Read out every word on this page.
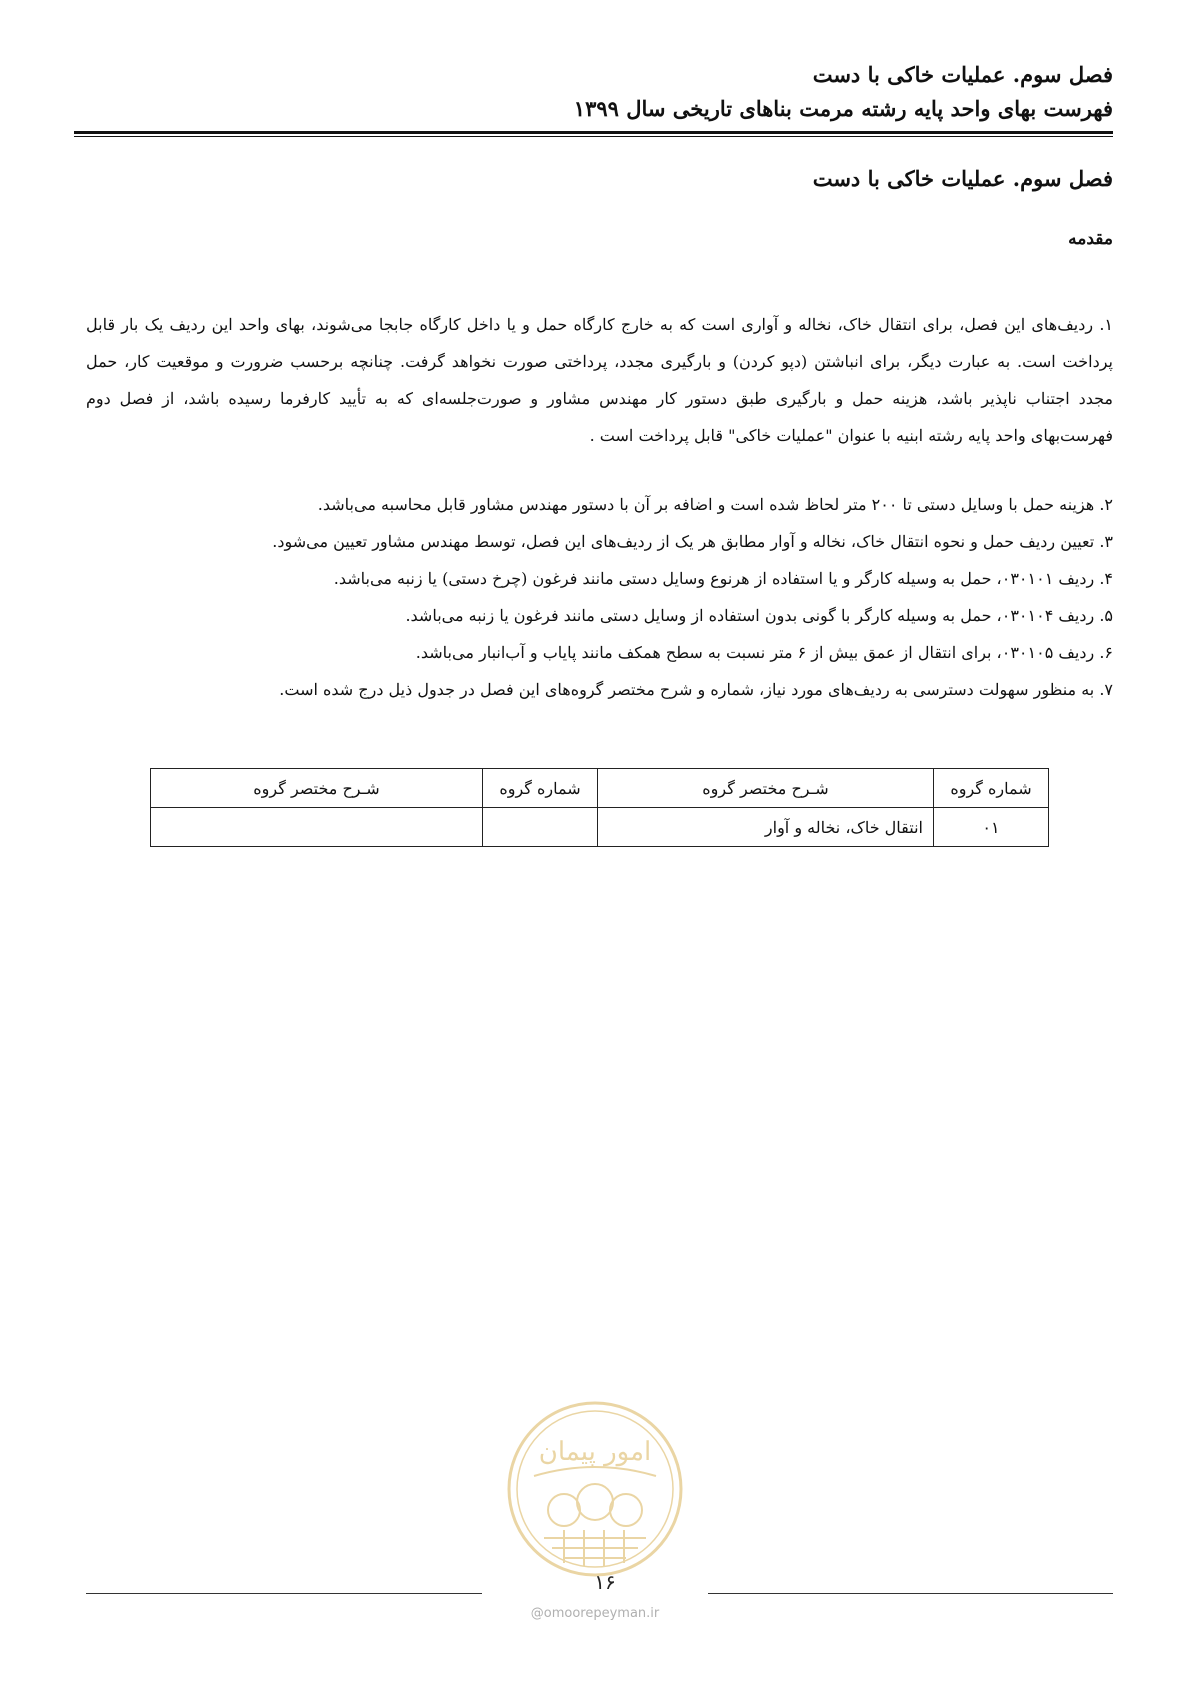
فصل سوم. عملیات خاکی با دست
فهرست بهای واحد پایه رشته مرمت بناهای تاریخی سال ۱۳۹۹
فصل سوم. عملیات خاکی با دست
مقدمه

۱. ردیف‌های این فصل، برای انتقال خاک، نخاله و آواری است که به خارج کارگاه حمل و یا داخل کارگاه جابجا می‌شوند، بهای واحد این ردیف یک بار قابل پرداخت است. به عبارت دیگر، برای انباشتن (دپو کردن) و بارگیری مجدد، پرداختی صورت نخواهد گرفت. چنانچه برحسب ضرورت و موقعیت کار، حمل مجدد اجتناب ناپذیر باشد، هزینه حمل و بارگیری طبق دستور کار مهندس مشاور و صورت‌جلسه‌ای که به تأیید کارفرما رسیده باشد، از فصل دوم فهرست‌بهای واحد پایه رشته ابنیه با عنوان "عملیات خاکی" قابل پرداخت است .

۲. هزینه حمل با وسایل دستی تا ۲۰۰ متر لحاظ شده است و اضافه بر آن با دستور مهندس مشاور قابل محاسبه می‌باشد.
۳. تعیین ردیف حمل و نحوه انتقال خاک، نخاله و آوار مطابق هر یک از ردیف‌های این فصل، توسط مهندس مشاور تعیین می‌شود.
۴. ردیف ۰۳۰۱۰۱، حمل به وسیله کارگر و یا استفاده از هرنوع وسایل دستی مانند فرغون (چرخ دستی) یا زنبه می‌باشد.
۵. ردیف ۰۳۰۱۰۴، حمل به وسیله کارگر با گونی بدون استفاده از وسایل دستی مانند فرغون یا زنبه می‌باشد.
۶. ردیف ۰۳۰۱۰۵، برای انتقال از عمق بیش از ۶ متر نسبت به سطح همکف مانند پایاب و آب‌انبار می‌باشد.
۷. به منظور سهولت دسترسی به ردیف‌های مورد نیاز، شماره و شرح مختصر گروه‌های این فصل در جدول ذیل درج شده است.
شماره گروه	شـرح مختصر گروه	شماره گروه	شـرح مختصر گروه
۰۱	انتقال خاک، نخاله و آوار		
امور پیمان
۱۶
@omoorepeyman.ir
